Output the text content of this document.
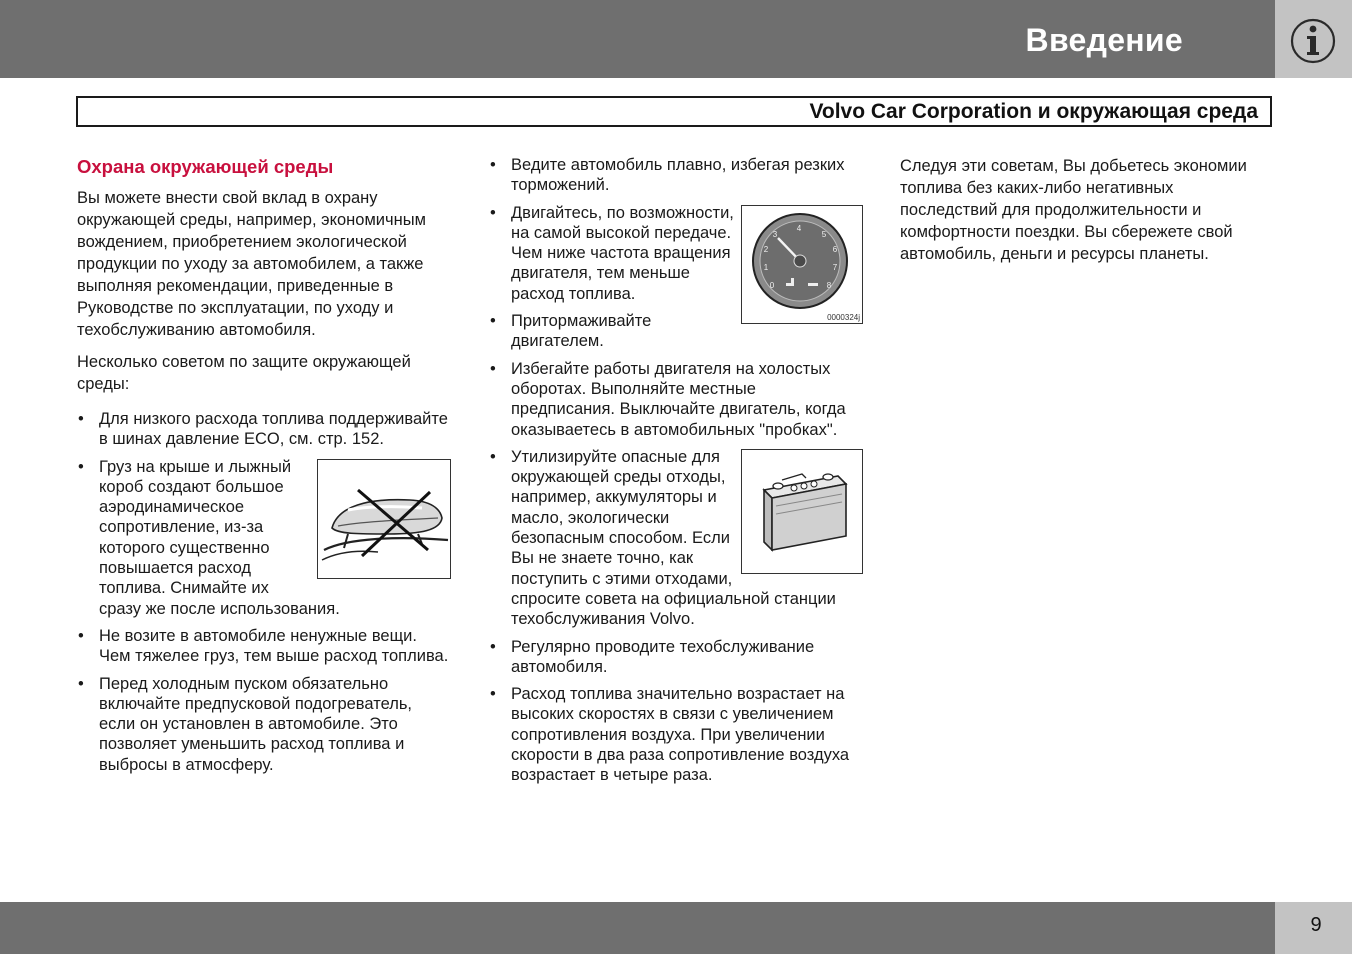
Введение
Volvo Car Corporation и окружающая среда
Охрана окружающей среды

Вы можете внести свой вклад в охрану окружающей среды, например, экономичным вождением, приобретением экологической продукции по уходу за автомобилем, а также выполняя рекомендации, приведенные в Руководстве по эксплуатации, по уходу и техобслуживанию автомобиля.

Несколько советом по защите окружающей среды:

• Для низкого расхода топлива поддерживайте в шинах давление ECO, см. стр. 152.
• Груз на крыше и лыжный короб создают большое аэродинамическое сопротивление, из-за которого существенно повышается расход топлива. Снимайте их сразу же после использования.
• Не возите в автомобиле ненужные вещи. Чем тяжелее груз, тем выше расход топлива.
• Перед холодным пуском обязательно включайте предпусковой подогреватель, если он установлен в автомобиле. Это позволяет уменьшить расход топлива и выбросы в атмосферу.
• Ведите автомобиль плавно, избегая резких торможений.
• 0
1
2
3
4
5
6
7
8
0000324j
Двигайтесь, по возможности, на самой высокой передаче. Чем ниже частота вращения двигателя, тем меньше расход топлива.
• Притормаживайте двигателем.
• Избегайте работы двигателя на холостых оборотах. Выполняйте местные предписания. Выключайте двигатель, когда оказываетесь в автомобильных "пробках".
• Утилизируйте опасные для окружающей среды отходы, например, аккумуляторы и масло, экологически безопасным способом. Если Вы не знаете точно, как поступить с этими отходами, спросите совета на официальной станции техобслуживания Volvo.
• Регулярно проводите техобслуживание автомобиля.
• Расход топлива значительно возрастает на высоких скоростях в связи с увеличением сопротивления воздуха. При увеличении скорости в два раза сопротивление воздуха возрастает в четыре раза.

Следуя эти советам, Вы добьетесь экономии топлива без каких-либо негативных последствий для продолжительности и комфортности поездки. Вы сбережете свой автомобиль, деньги и ресурсы планеты.

9
